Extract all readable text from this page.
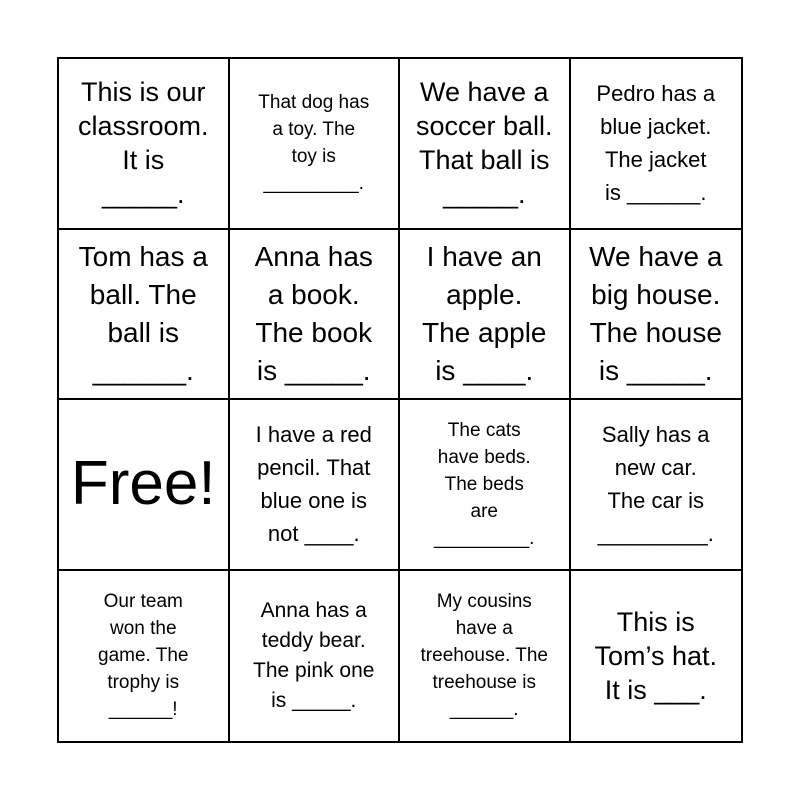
This is our
classroom.
It is
_____.
That dog has
a toy. The
toy is
_________.
We have a
soccer ball.
That ball is
_____.
Pedro has a
blue jacket.
The jacket
is ______.
Tom has a
ball. The
ball is
______.
Anna has
a book.
The book
is _____.
I have an
apple.
The apple
is ____.
We have a
big house.
The house
is _____.
Free!
I have a red
pencil. That
blue one is
not ____.
The cats
have beds.
The beds
are
_________.
Sally has a
new car.
The car is
_________.
Our team
won the
game. The
trophy is
______!
Anna has a
teddy bear.
The pink one
is _____.
My cousins
have a
treehouse. The
treehouse is
______.
This is
Tom’s hat.
It is ___.
